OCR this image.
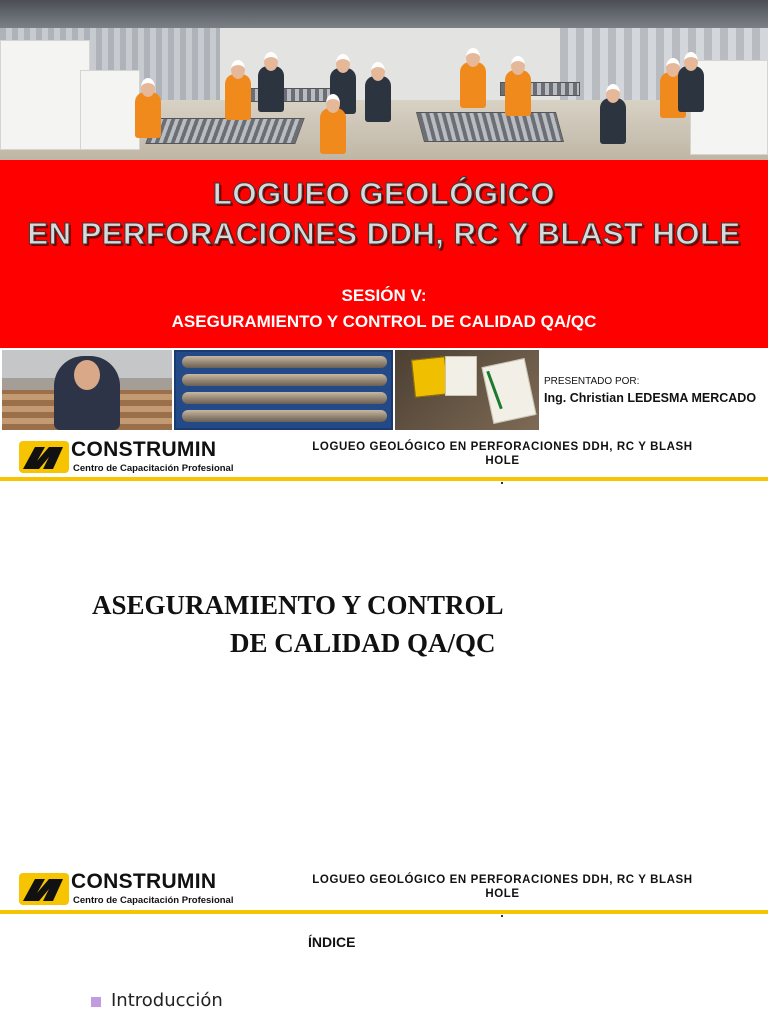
LOGUEO GEOLÓGICO
EN PERFORACIONES DDH, RC Y BLAST HOLE
SESIÓN V:
ASEGURAMIENTO Y CONTROL DE CALIDAD QA/QC
PRESENTADO POR:
Ing. Christian LEDESMA MERCADO
CONSTRUMIN
Centro de Capacitación Profesional
LOGUEO GEOLÓGICO EN PERFORACIONES DDH, RC Y BLASH
HOLE
ASEGURAMIENTO Y CONTROL
DE CALIDAD QA/QC
CONSTRUMIN
Centro de Capacitación Profesional
LOGUEO GEOLÓGICO EN PERFORACIONES DDH, RC Y BLASH
HOLE
ÍNDICE
Introducción
